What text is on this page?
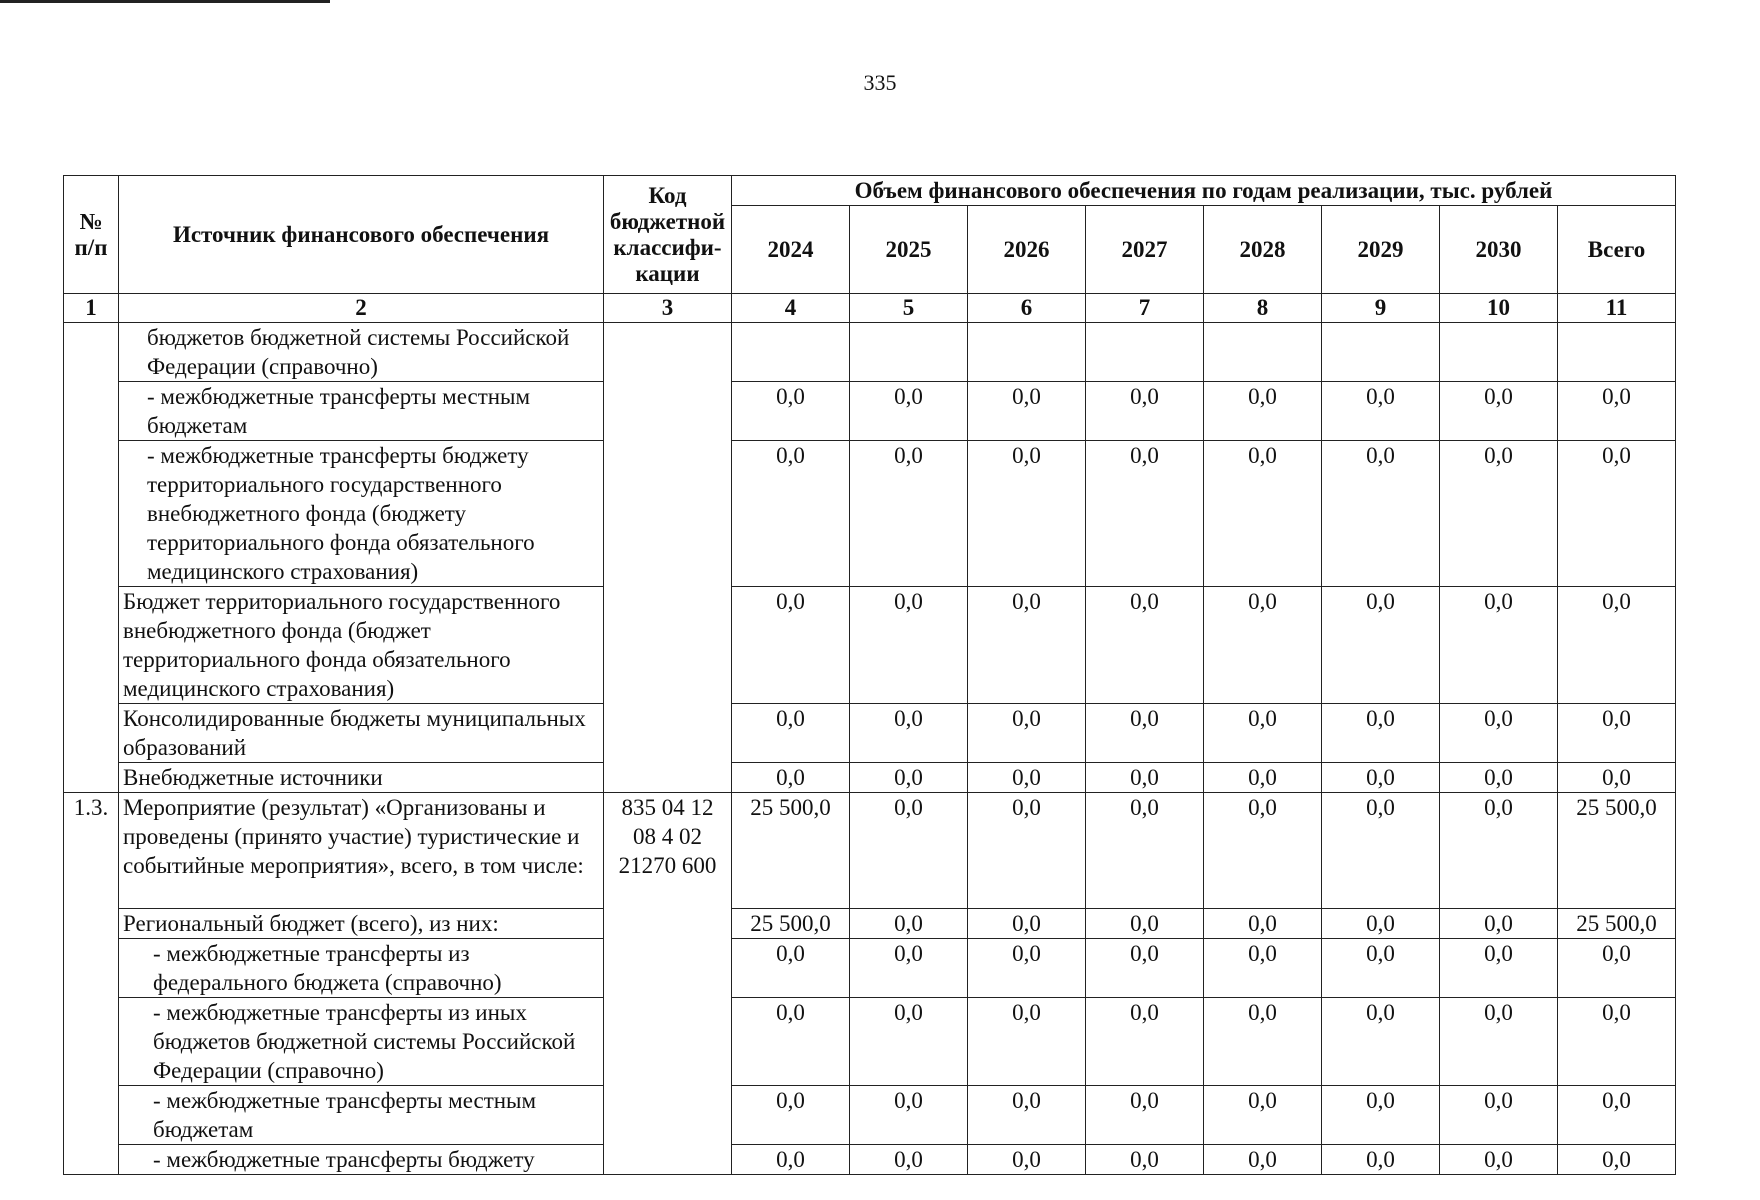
335
№ п/п	Источник финансового обеспечения	Код бюджетной классифи-кации	Объем финансового обеспечения по годам реализации, тыс. рублей							
			2024	2025	2026	2027	2028	2029	2030	Всего
1	2	3	4	5	6	7	8	9	10	11
	бюджетов бюджетной системы Российской Федерации (справочно)									
	- межбюджетные трансферты местным бюджетам		0,0	0,0	0,0	0,0	0,0	0,0	0,0	0,0
	- межбюджетные трансферты бюджету территориального государственного внебюджетного фонда (бюджету территориального фонда обязательного медицинского страхования)		0,0	0,0	0,0	0,0	0,0	0,0	0,0	0,0
	Бюджет территориального государственного внебюджетного фонда (бюджет территориального фонда обязательного медицинского страхования)		0,0	0,0	0,0	0,0	0,0	0,0	0,0	0,0
	Консолидированные бюджеты муниципальных образований		0,0	0,0	0,0	0,0	0,0	0,0	0,0	0,0
	Внебюджетные источники		0,0	0,0	0,0	0,0	0,0	0,0	0,0	0,0
1.3.	Мероприятие (результат) «Организованы и проведены (принято участие) туристические и событийные мероприятия», всего, в том числе:	835 04 12 08 4 02 21270 600	25 500,0	0,0	0,0	0,0	0,0	0,0	0,0	25 500,0
	Региональный бюджет (всего), из них:		25 500,0	0,0	0,0	0,0	0,0	0,0	0,0	25 500,0
	- межбюджетные трансферты из федерального бюджета (справочно)		0,0	0,0	0,0	0,0	0,0	0,0	0,0	0,0
	- межбюджетные трансферты из иных бюджетов бюджетной системы Российской Федерации (справочно)		0,0	0,0	0,0	0,0	0,0	0,0	0,0	0,0
	- межбюджетные трансферты местным бюджетам		0,0	0,0	0,0	0,0	0,0	0,0	0,0	0,0
	- межбюджетные трансферты бюджету		0,0	0,0	0,0	0,0	0,0	0,0	0,0	0,0
